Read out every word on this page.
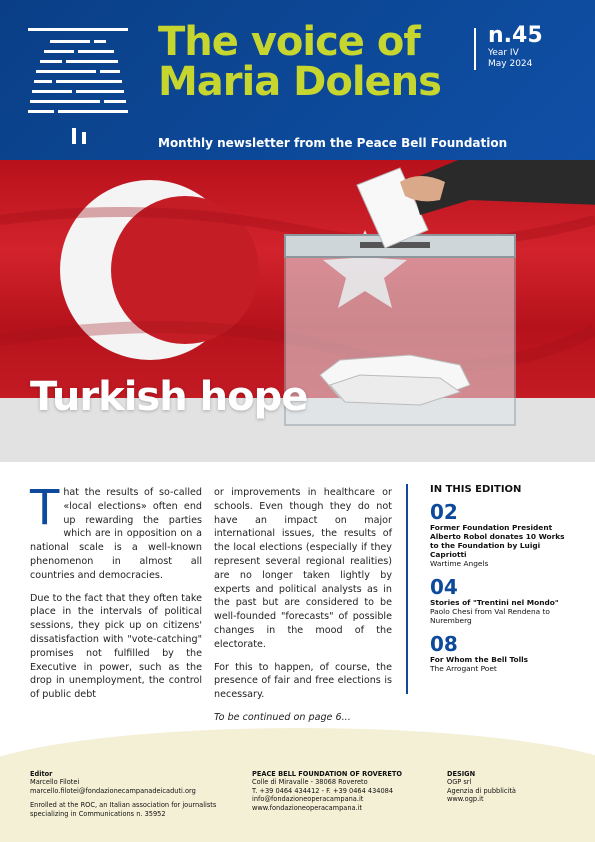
The voice of
Maria Dolens
n.45
Year IV
May 2024
Monthly newsletter from the Peace Bell Foundation
Turkish hope

That the results of so-called «local elections» often end up rewarding the parties which are in opposition on a national scale is a well-known phenomenon in almost all countries and democracies.

Due to the fact that they often take place in the intervals of political sessions, they pick up on citizens' dissatisfaction with "vote-catching" promises not fulfilled by the Executive in power, such as the drop in unemployment, the control of public debt

or improvements in healthcare or schools. Even though they do not have an impact on major international issues, the results of the local elections (especially if they represent several regional realities) are no longer taken lightly by experts and political analysts as in the past but are considered to be well-founded "forecasts" of possible changes in the mood of the electorate.

For this to happen, of course, the presence of fair and free elections is necessary.

To be continued on page 6...

IN THIS EDITION
02
Former Foundation President Alberto Robol donates 10 Works to the Foundation by Luigi Capriotti
Wartime Angels
04
Stories of "Trentini nel Mondo"
Paolo Chesi from Val Rendena to Nuremberg
08
For Whom the Bell Tolls
The Arrogant Poet
Editor
Marcello Filotei
marcello.filotei@fondazionecampanadeicaduti.org
Enrolled at the ROC, an Italian association for journalists specializing in Communications n. 35952
PEACE BELL FOUNDATION OF ROVERETO
Colle di Miravalle - 38068 Rovereto
T. +39 0464 434412 - F. +39 0464 434084
info@fondazioneoperacampana.it
www.fondazioneoperacampana.it
DESIGN
OGP srl
Agenzia di pubblicità
www.ogp.it
